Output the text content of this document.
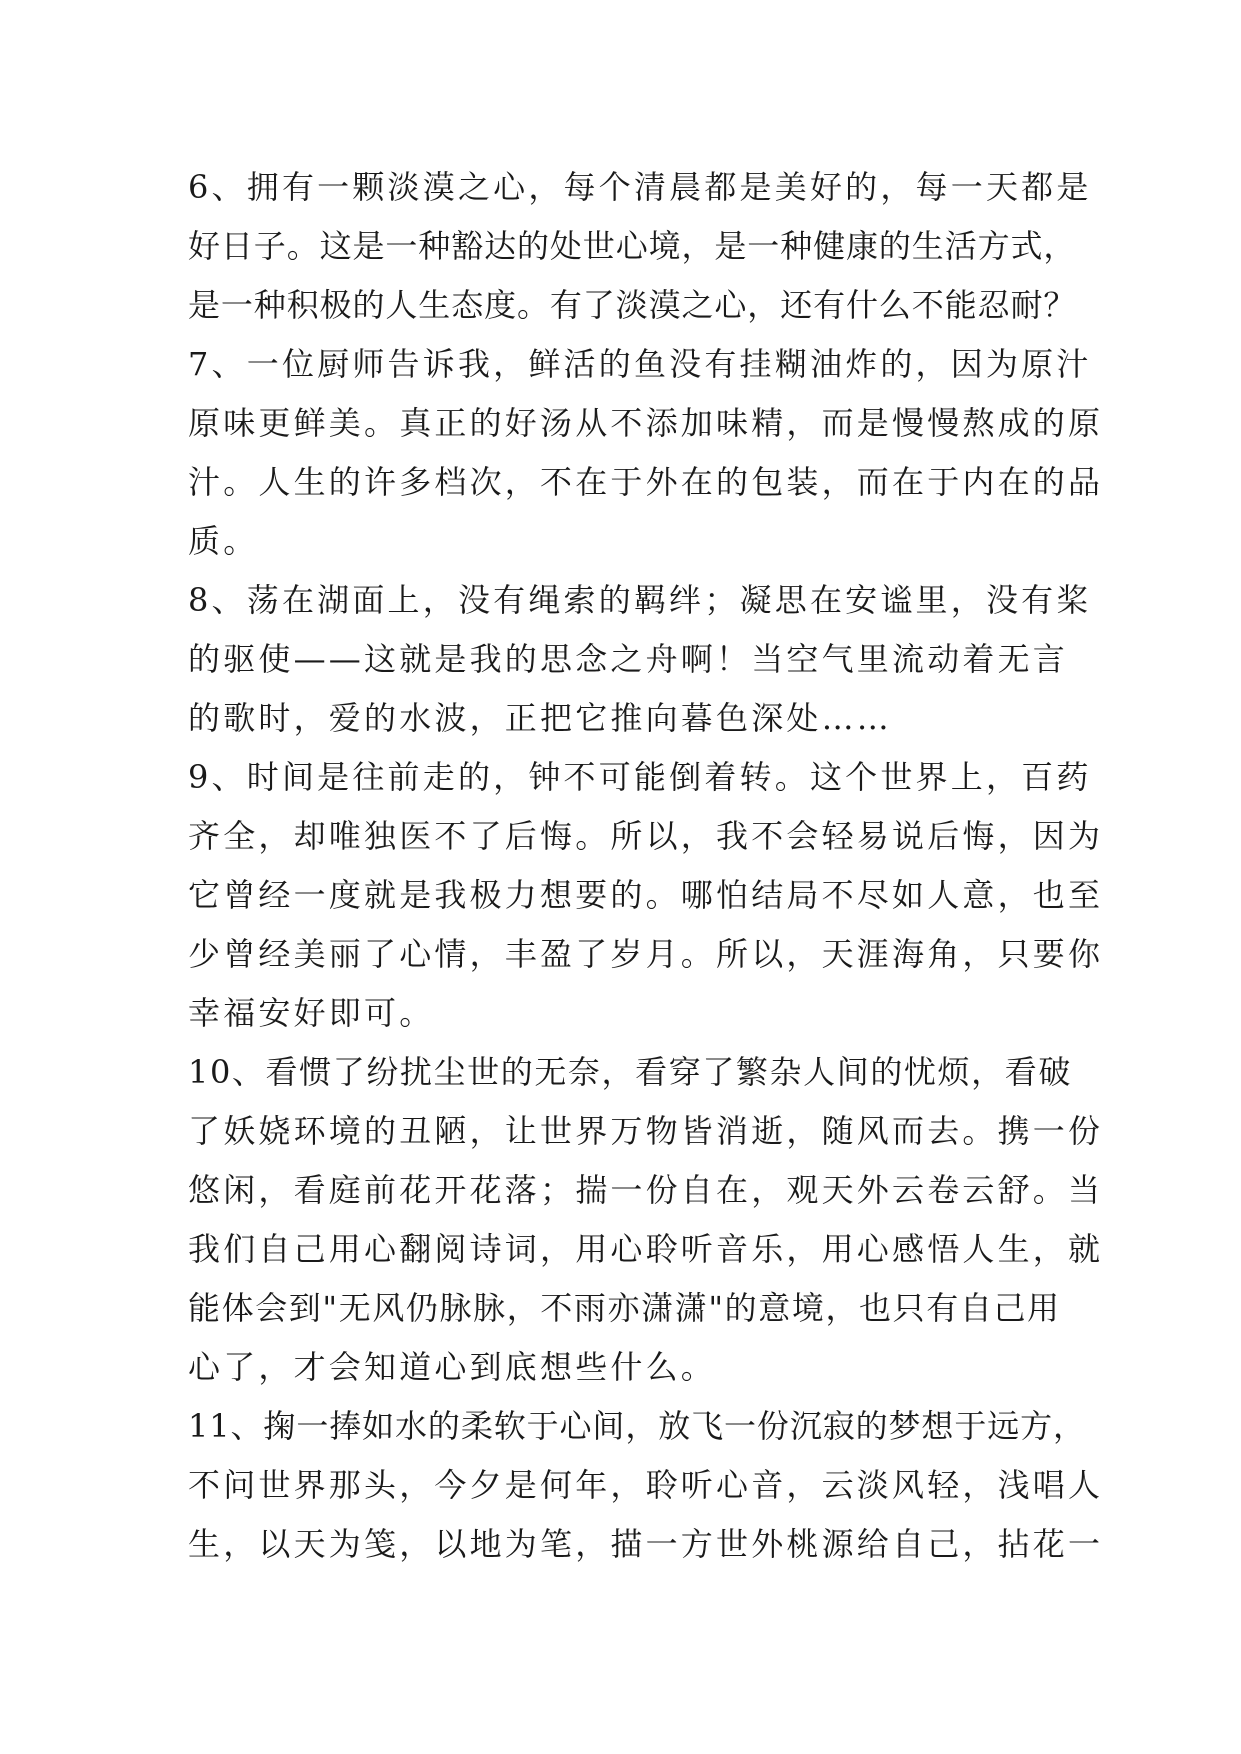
6、拥有一颗淡漠之心，每个清晨都是美好的，每一天都是
好日子。这是一种豁达的处世心境，是一种健康的生活方式，
是一种积极的人生态度。有了淡漠之心，还有什么不能忍耐？
7、一位厨师告诉我，鲜活的鱼没有挂糊油炸的，因为原汁
原味更鲜美。真正的好汤从不添加味精，而是慢慢熬成的原
汁。人生的许多档次，不在于外在的包装，而在于内在的品
质。
8、荡在湖面上，没有绳索的羁绊；凝思在安谧里，没有桨
的驱使——这就是我的思念之舟啊！当空气里流动着无言
的歌时，爱的水波，正把它推向暮色深处……
9、时间是往前走的，钟不可能倒着转。这个世界上，百药
齐全，却唯独医不了后悔。所以，我不会轻易说后悔，因为
它曾经一度就是我极力想要的。哪怕结局不尽如人意，也至
少曾经美丽了心情，丰盈了岁月。所以，天涯海角，只要你
幸福安好即可。
10、看惯了纷扰尘世的无奈，看穿了繁杂人间的忧烦，看破
了妖娆环境的丑陋，让世界万物皆消逝，随风而去。携一份
悠闲，看庭前花开花落；揣一份自在，观天外云卷云舒。当
我们自己用心翻阅诗词，用心聆听音乐，用心感悟人生，就
能体会到"无风仍脉脉，不雨亦潇潇"的意境，也只有自己用
心了，才会知道心到底想些什么。
11、掬一捧如水的柔软于心间，放飞一份沉寂的梦想于远方，
不问世界那头，今夕是何年，聆听心音，云淡风轻，浅唱人
生，以天为笺，以地为笔，描一方世外桃源给自己，拈花一
